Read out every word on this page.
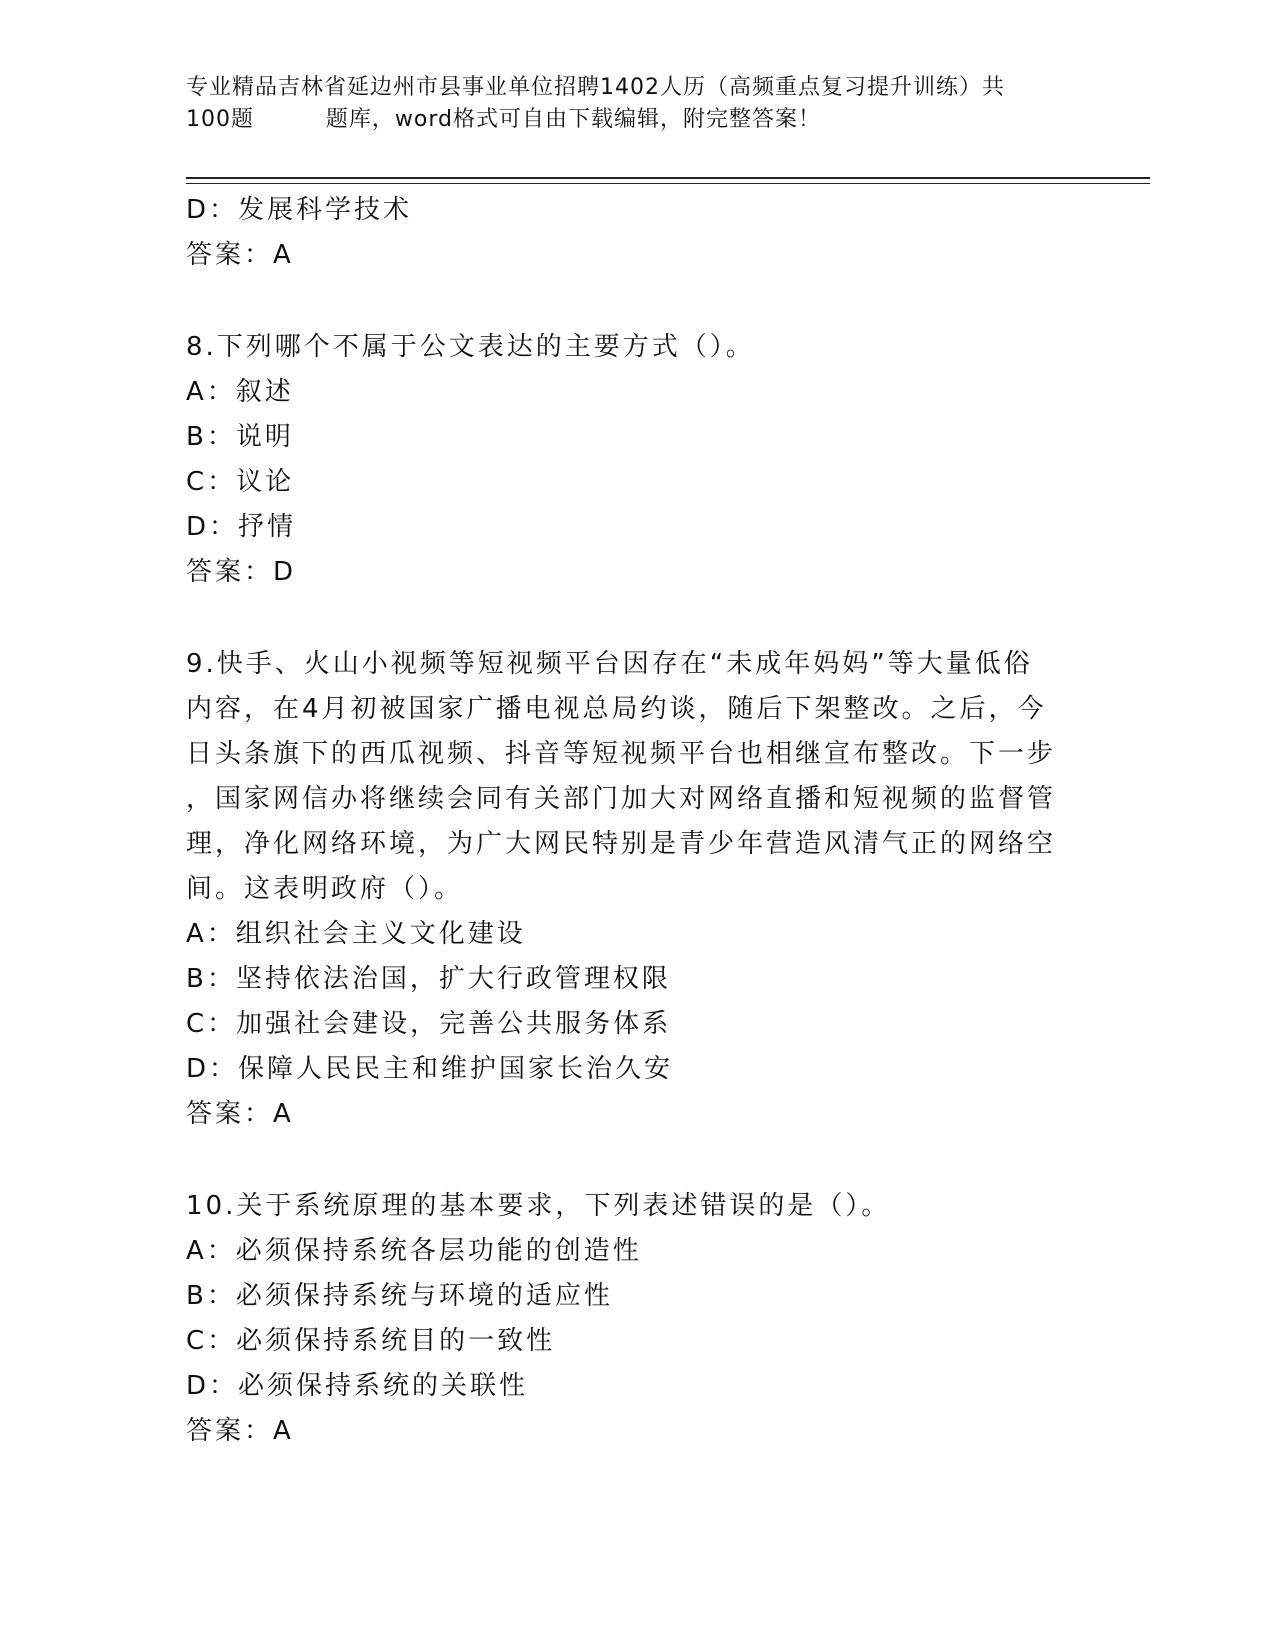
专业精品吉林省延边州市县事业单位招聘1402人历（高频重点复习提升训练）共

100题         题库，word格式可自由下载编辑，附完整答案！
D：发展科学技术
答案：A
8.下列哪个不属于公文表达的主要方式（）。
A：叙述
B：说明
C：议论
D：抒情
答案：D
9.快手、火山小视频等短视频平台因存在“未成年妈妈”等大量低俗
内容，在4月初被国家广播电视总局约谈，随后下架整改。之后，今
日头条旗下的西瓜视频、抖音等短视频平台也相继宣布整改。下一步
，国家网信办将继续会同有关部门加大对网络直播和短视频的监督管
理，净化网络环境，为广大网民特别是青少年营造风清气正的网络空
间。这表明政府（）。
A：组织社会主义文化建设
B：坚持依法治国，扩大行政管理权限
C：加强社会建设，完善公共服务体系
D：保障人民民主和维护国家长治久安
答案：A
10.关于系统原理的基本要求，下列表述错误的是（）。
A：必须保持系统各层功能的创造性
B：必须保持系统与环境的适应性
C：必须保持系统目的一致性
D：必须保持系统的关联性
答案：A
